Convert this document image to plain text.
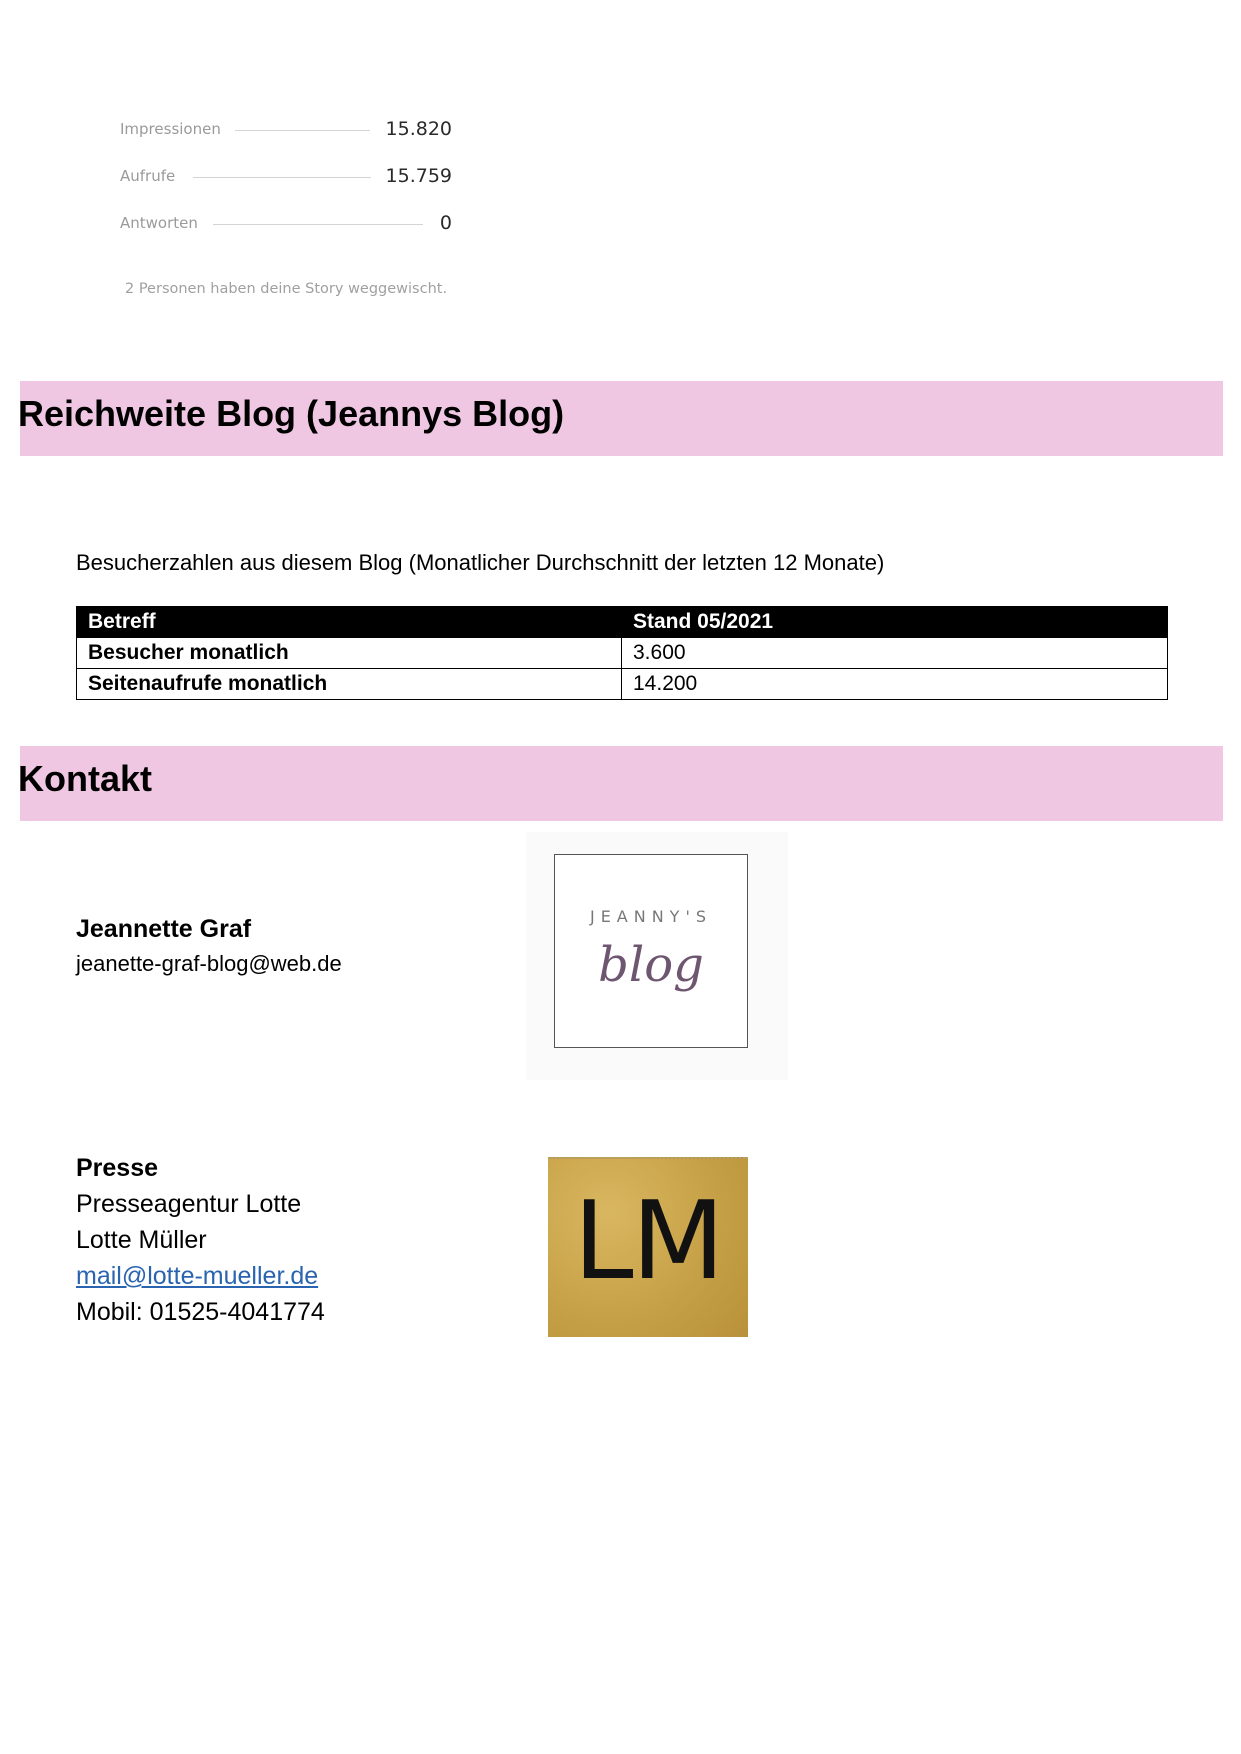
Impressionen	15.820
Aufrufe	15.759
Antworten	0
2 Personen haben deine Story weggewischt.
Reichweite Blog (Jeannys Blog)
Besucherzahlen aus diesem Blog (Monatlicher Durchschnitt der letzten 12 Monate)
Betreff	Stand 05/2021
Besucher monatlich	3.600
Seitenaufrufe monatlich	14.200
Kontakt
Jeannette Graf
jeanette-graf-blog@web.de
JEANNY'S
blog
Presse
Presseagentur Lotte
Lotte Müller
mail@lotte-mueller.de
Mobil: 01525-4041774
LM
